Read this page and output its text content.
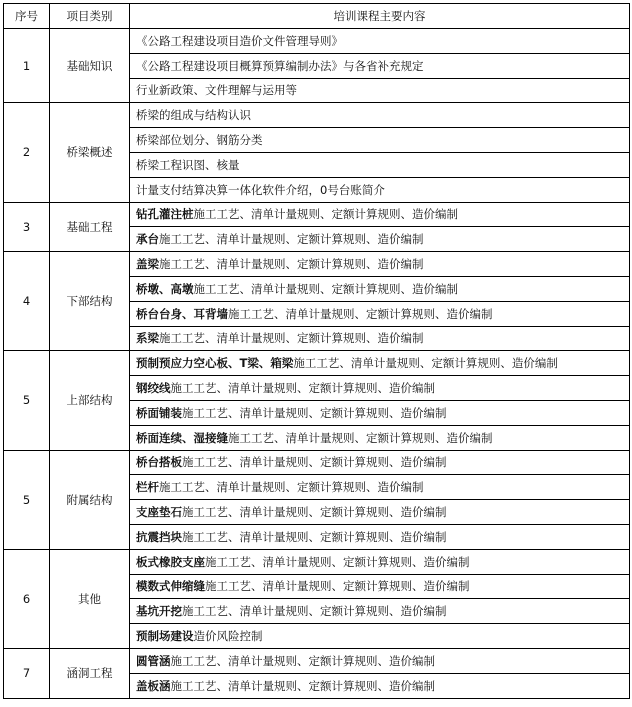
序号	项目类别	培训课程主要内容
1	基础知识	《公路工程建设项目造价文件管理导则》
		《公路工程建设项目概算预算编制办法》与各省补充规定
		行业新政策、文件理解与运用等
2	桥梁概述	桥梁的组成与结构认识
		桥梁部位划分、钢筋分类
		桥梁工程识图、核量
		计量支付结算决算一体化软件介绍，0号台账简介
3	基础工程	钻孔灌注桩施工工艺、清单计量规则、定额计算规则、造价编制
		承台施工工艺、清单计量规则、定额计算规则、造价编制
4	下部结构	盖梁施工工艺、清单计量规则、定额计算规则、造价编制
		桥墩、高墩施工工艺、清单计量规则、定额计算规则、造价编制
		桥台台身、耳背墙施工工艺、清单计量规则、定额计算规则、造价编制
		系梁施工工艺、清单计量规则、定额计算规则、造价编制
5	上部结构	预制预应力空心板、T梁、箱梁施工工艺、清单计量规则、定额计算规则、造价编制
		钢绞线施工工艺、清单计量规则、定额计算规则、造价编制
		桥面铺装施工工艺、清单计量规则、定额计算规则、造价编制
		桥面连续、湿接缝施工工艺、清单计量规则、定额计算规则、造价编制
5	附属结构	桥台搭板施工工艺、清单计量规则、定额计算规则、造价编制
		栏杆施工工艺、清单计量规则、定额计算规则、造价编制
		支座垫石施工工艺、清单计量规则、定额计算规则、造价编制
		抗震挡块施工工艺、清单计量规则、定额计算规则、造价编制
6	其他	板式橡胶支座施工工艺、清单计量规则、定额计算规则、造价编制
		模数式伸缩缝施工工艺、清单计量规则、定额计算规则、造价编制
		基坑开挖施工工艺、清单计量规则、定额计算规则、造价编制
		预制场建设造价风险控制
7	涵洞工程	圆管涵施工工艺、清单计量规则、定额计算规则、造价编制
		盖板涵施工工艺、清单计量规则、定额计算规则、造价编制
